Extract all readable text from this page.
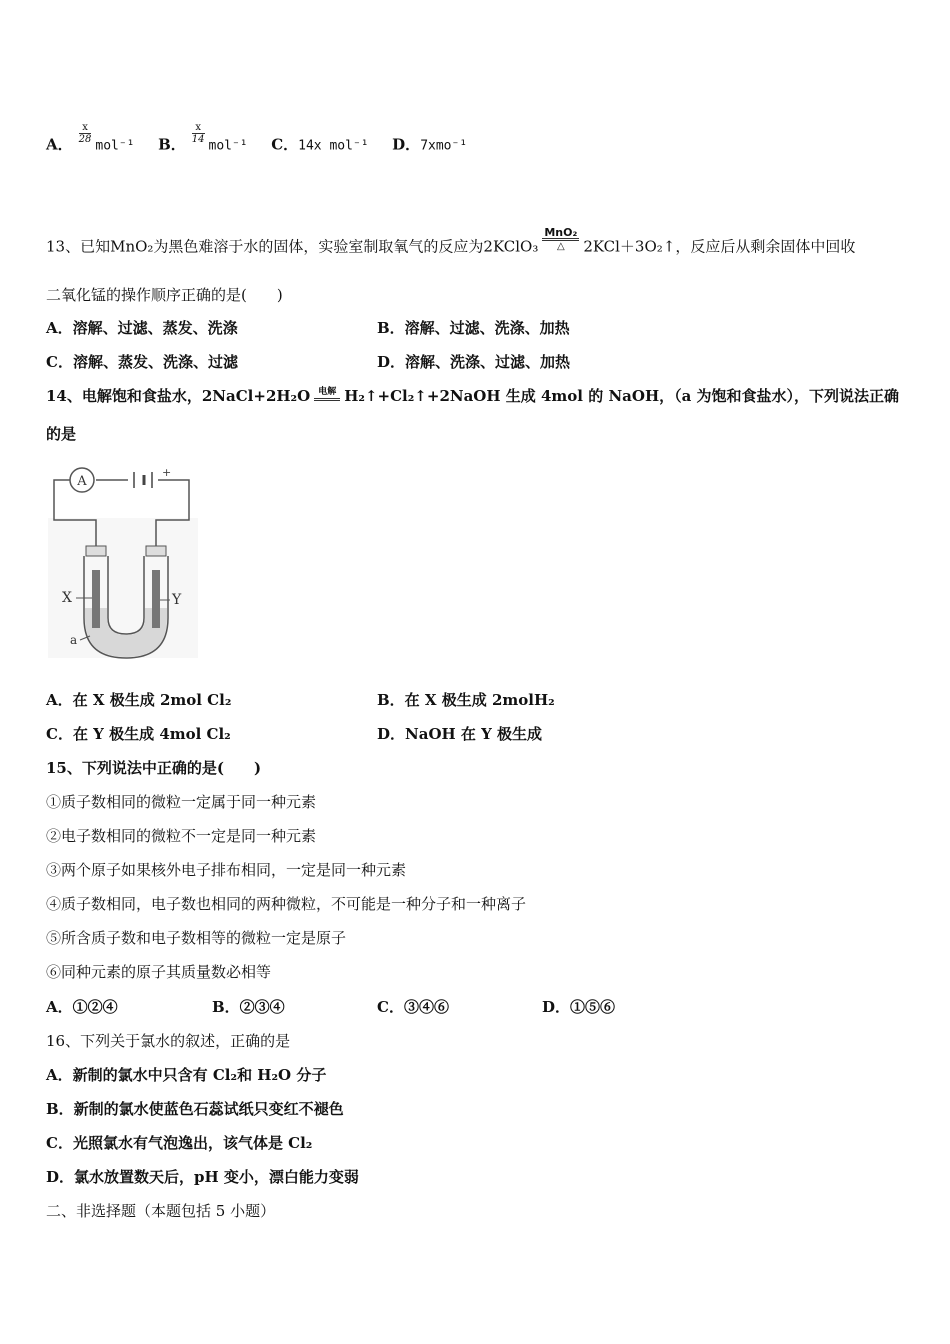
A． $\frac{x}{28}$
mol⁻¹ B． $\frac{x}{14}$
mol⁻¹ C．14x mol⁻¹ D．7xmo⁻¹
13、已知MnO₂为黑色难溶于水的固体，实验室制取氧气的反应为2KClO₃
MnO₂
△	2KCl＋3O₂↑，反应后从剩余固体中回收
二氧化锰的操作顺序正确的是(　　)
A．溶解、过滤、蒸发、洗涤	B．溶解、过滤、洗涤、加热
C．溶解、蒸发、洗涤、过滤	D．溶解、洗涤、过滤、加热
14、电解饱和食盐水，2NaCl+2H₂O 电解 H₂↑+Cl₂↑+2NaOH 生成 4mol 的 NaOH，（a 为饱和食盐水），下列说法正确
的是
A
+
X	Y
a
A．在 X 极生成 2mol Cl₂	B．在 X 极生成 2molH₂
C．在 Y 极生成 4mol Cl₂	D．NaOH 在 Y 极生成
15、下列说法中正确的是(　　)
①质子数相同的微粒一定属于同一种元素
②电子数相同的微粒不一定是同一种元素
③两个原子如果核外电子排布相同，一定是同一种元素
④质子数相同，电子数也相同的两种微粒，不可能是一种分子和一种离子
⑤所含质子数和电子数相等的微粒一定是原子
⑥同种元素的原子其质量数必相等
A．①②④	B．②③④	C．③④⑥	D．①⑤⑥
16、下列关于氯水的叙述，正确的是
A．新制的氯水中只含有 Cl₂和 H₂O 分子
B．新制的氯水使蓝色石蕊试纸只变红不褪色
C．光照氯水有气泡逸出，该气体是 Cl₂
D．氯水放置数天后，pH 变小，漂白能力变弱
二、非选择题（本题包括 5 小题）
